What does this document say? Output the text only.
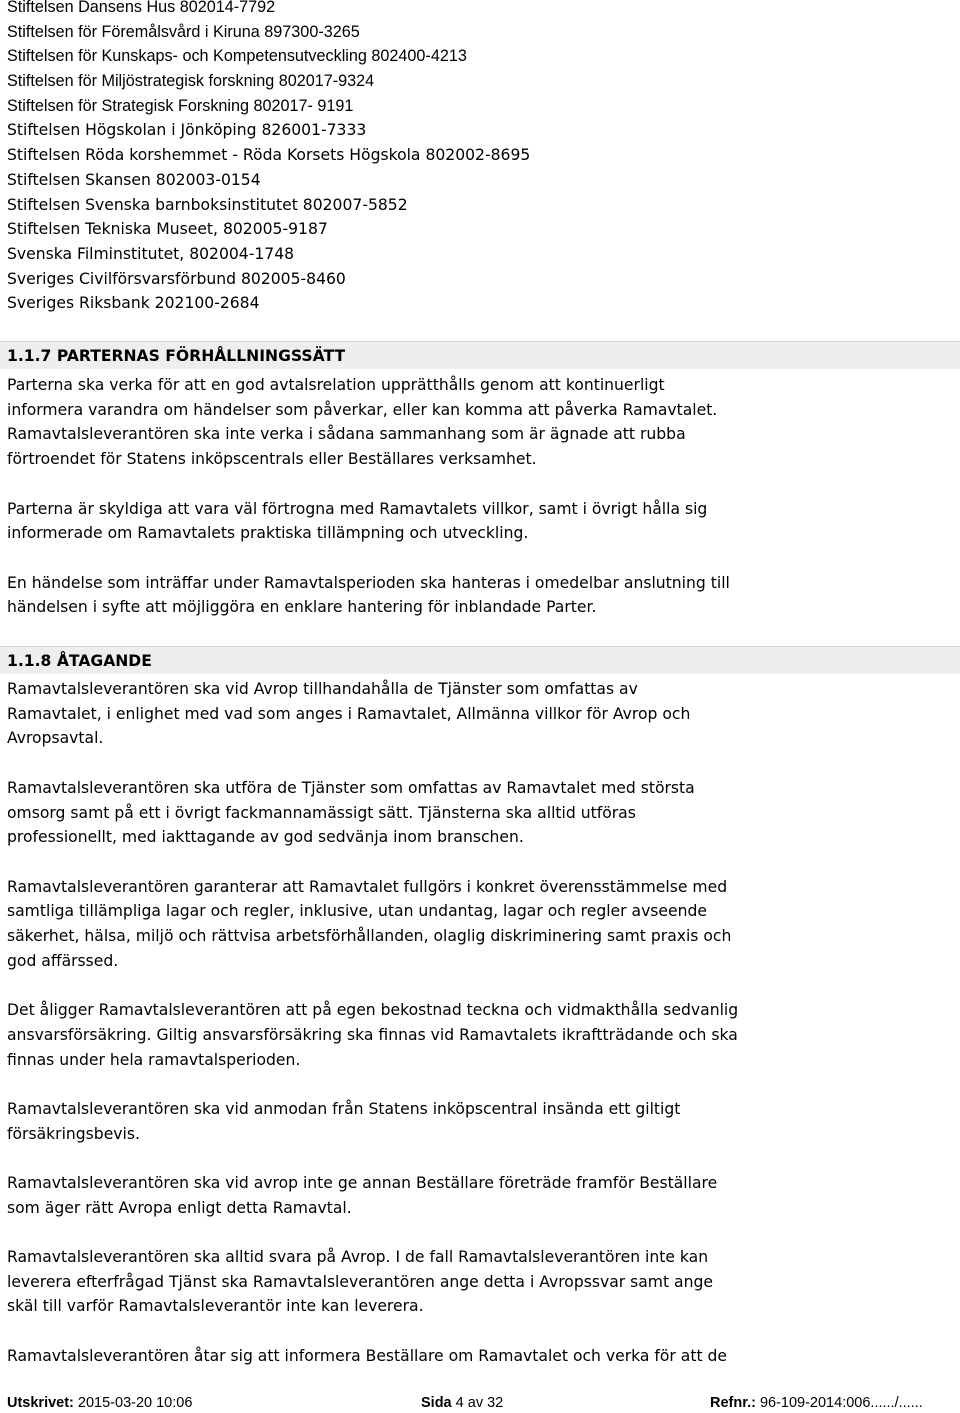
Stiftelsen Dansens Hus 802014-7792
Stiftelsen för Föremålsvård i Kiruna 897300-3265
Stiftelsen för Kunskaps- och Kompetensutveckling 802400-4213
Stiftelsen för Miljöstrategisk forskning 802017-9324
Stiftelsen för Strategisk Forskning 802017- 9191
Stiftelsen Högskolan i Jönköping 826001-7333
Stiftelsen Röda korshemmet - Röda Korsets Högskola 802002-8695
Stiftelsen Skansen 802003-0154
Stiftelsen Svenska barnboksinstitutet 802007-5852
Stiftelsen Tekniska Museet, 802005-9187
Svenska Filminstitutet, 802004-1748
Sveriges Civilförsvarsförbund 802005-8460
Sveriges Riksbank 202100-2684
1.1.7 PARTERNAS FÖRHÅLLNINGSSÄTT

Parterna ska verka för att en god avtalsrelation upprätthålls genom att kontinuerligt
informera varandra om händelser som påverkar, eller kan komma att påverka Ramavtalet.
Ramavtalsleverantören ska inte verka i sådana sammanhang som är ägnade att rubba
förtroendet för Statens inköpscentrals eller Beställares verksamhet.

Parterna är skyldiga att vara väl förtrogna med Ramavtalets villkor, samt i övrigt hålla sig
informerade om Ramavtalets praktiska tillämpning och utveckling.

En händelse som inträffar under Ramavtalsperioden ska hanteras i omedelbar anslutning till
händelsen i syfte att möjliggöra en enklare hantering för inblandade Parter.

1.1.8 ÅTAGANDE

Ramavtalsleverantören ska vid Avrop tillhandahålla de Tjänster som omfattas av
Ramavtalet, i enlighet med vad som anges i Ramavtalet, Allmänna villkor för Avrop och
Avropsavtal.

Ramavtalsleverantören ska utföra de Tjänster som omfattas av Ramavtalet med största
omsorg samt på ett i övrigt fackmannamässigt sätt. Tjänsterna ska alltid utföras
professionellt, med iakttagande av god sedvänja inom branschen.

Ramavtalsleverantören garanterar att Ramavtalet fullgörs i konkret överensstämmelse med
samtliga tillämpliga lagar och regler, inklusive, utan undantag, lagar och regler avseende
säkerhet, hälsa, miljö och rättvisa arbetsförhållanden, olaglig diskriminering samt praxis och
god affärssed.

Det åligger Ramavtalsleverantören att på egen bekostnad teckna och vidmakthålla sedvanlig
ansvarsförsäkring. Giltig ansvarsförsäkring ska finnas vid Ramavtalets ikraftträdande och ska
finnas under hela ramavtalsperioden.

Ramavtalsleverantören ska vid anmodan från Statens inköpscentral insända ett giltigt
försäkringsbevis.

Ramavtalsleverantören ska vid avrop inte ge annan Beställare företräde framför Beställare
som äger rätt Avropa enligt detta Ramavtal.

Ramavtalsleverantören ska alltid svara på Avrop. I de fall Ramavtalsleverantören inte kan
leverera efterfrågad Tjänst ska Ramavtalsleverantören ange detta i Avropssvar samt ange
skäl till varför Ramavtalsleverantör inte kan leverera.

Ramavtalsleverantören åtar sig att informera Beställare om Ramavtalet och verka för att de

Utskrivet: 2015-03-20 10:06	Sida 4 av 32	Refnr.: 96-109-2014:006....../......
